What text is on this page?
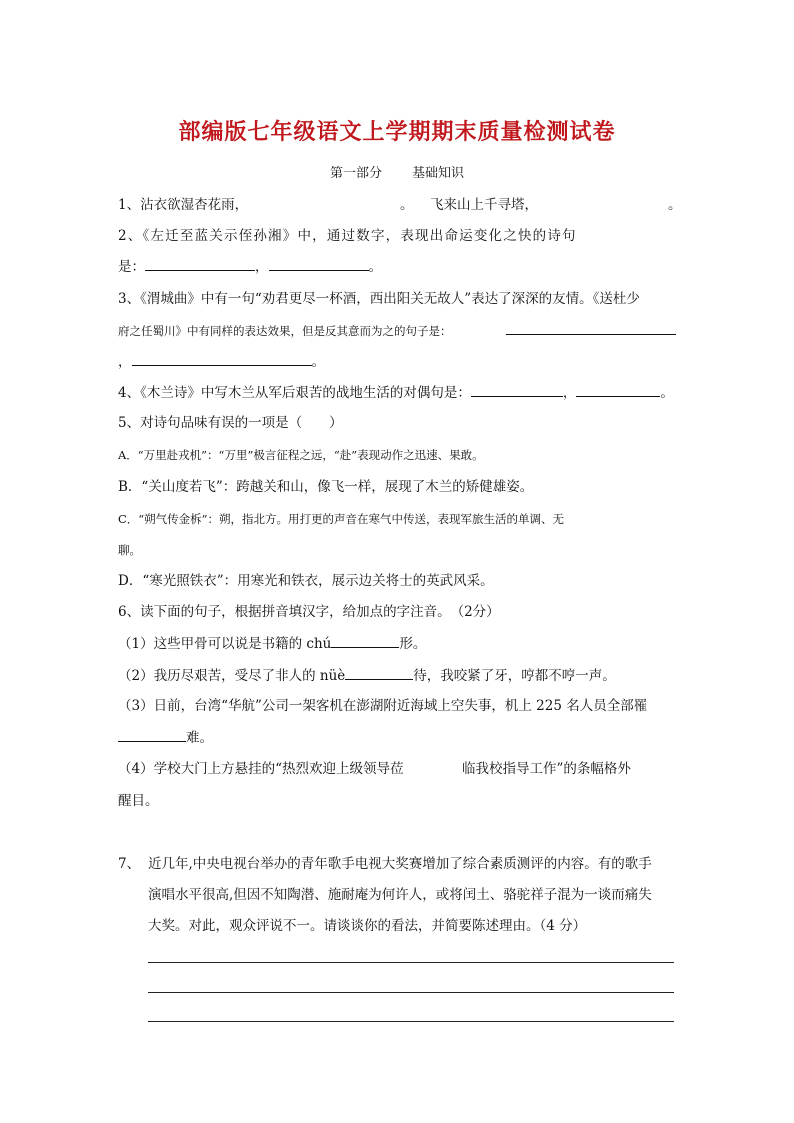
部编版七年级语文上学期期末质量检测试卷
第一部分 基础知识
1、沾衣欲湿杏花雨，	。 飞来山上千寻塔，	。
2、《左迁至蓝关示侄孙湘》中，通过数字，表现出命运变化之快的诗句
是：	，	。
3、《渭城曲》中有一句“劝君更尽一杯酒，西出阳关无故人”表达了深深的友情。《送杜少
府之任蜀川》中有同样的表达效果，但是反其意而为之的句子是：
，	。
4、《木兰诗》中写木兰从军后艰苦的战地生活的对偶句是：	，	。
5、对诗句品味有误的一项是（　　）
A．“万里赴戎机”：“万里”极言征程之远，“赴”表现动作之迅速、果敢。
B．“关山度若飞”：跨越关和山，像飞一样，展现了木兰的矫健雄姿。
C．“朔气传金柝”：朔，指北方。用打更的声音在寒气中传送，表现军旅生活的单调、无
聊。
D．“寒光照铁衣”：用寒光和铁衣，展示边关将士的英武风采。
6、读下面的句子，根据拼音填汉字，给加点的字注音。　（2分）
（1）这些甲骨可以说是书籍的 chú	形。
（2）我历尽艰苦，受尽了非人的 nüè	待，我咬紧了牙，哼都不哼一声。
（3）日前，台湾“华航”公司一架客机在澎湖附近海域上空失事，机上 225 名人员全部罹
难。
（4）学校大门上方悬挂的“热烈欢迎上级领导莅	临我校指导工作”的条幅格外
醒目。
7、 近几年,中央电视台举办的青年歌手电视大奖赛增加了综合素质测评的内容。有的歌手
演唱水平很高,但因不知陶潜、施耐庵为何许人，或将闰土、骆驼祥子混为一谈而痛失
大奖。对此，观众评说不一。请谈谈你的看法，并简要陈述理由。（4 分）
